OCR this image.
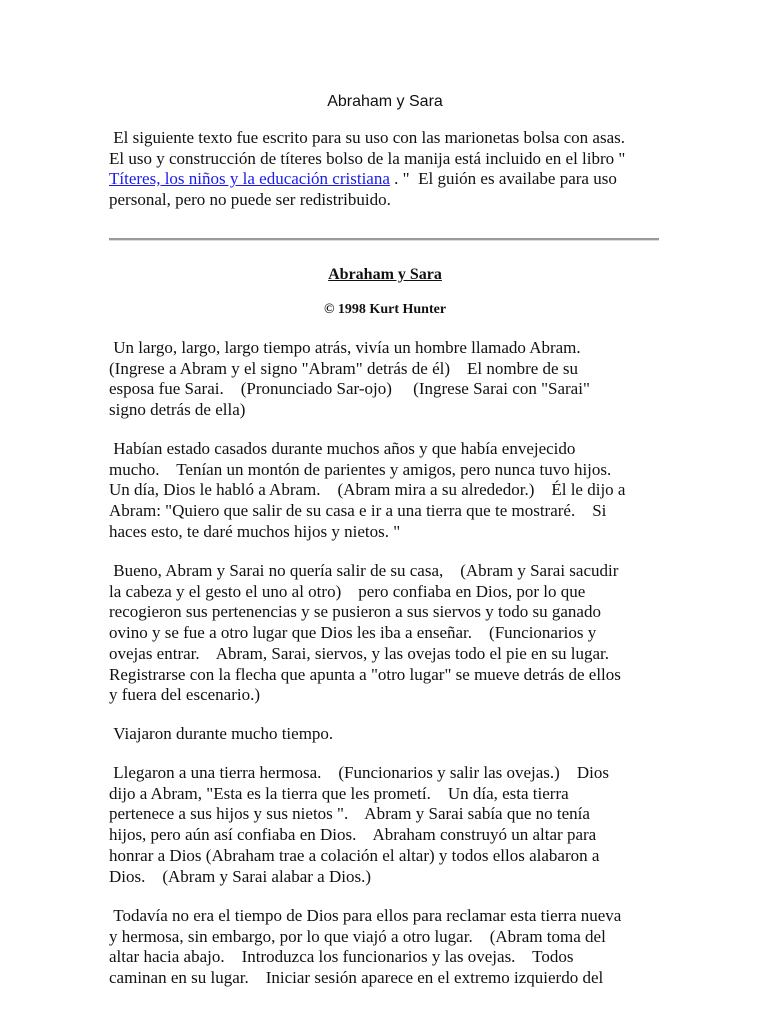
Abraham y Sara
El siguiente texto fue escrito para su uso con las marionetas bolsa con asas.
El uso y construcción de títeres bolso de la manija está incluido en el libro "
Títeres, los niños y la educación cristiana . "  El guión es availabe para uso
personal, pero no puede ser redistribuido.
Abraham y Sara
© 1998 Kurt Hunter

Un largo, largo, largo tiempo atrás, vivía un hombre llamado Abram.
(Ingrese a Abram y el signo "Abram" detrás de él)    El nombre de su
esposa fue Sarai.    (Pronunciado Sar-ojo)     (Ingrese Sarai con "Sarai"
signo detrás de ella)

Habían estado casados durante muchos años y que había envejecido
mucho.    Tenían un montón de parientes y amigos, pero nunca tuvo hijos.
Un día, Dios le habló a Abram.    (Abram mira a su alrededor.)    Él le dijo a
Abram: "Quiero que salir de su casa e ir a una tierra que te mostraré.    Si
haces esto, te daré muchos hijos y nietos. "

Bueno, Abram y Sarai no quería salir de su casa,    (Abram y Sarai sacudir
la cabeza y el gesto el uno al otro)    pero confiaba en Dios, por lo que
recogieron sus pertenencias y se pusieron a sus siervos y todo su ganado
ovino y se fue a otro lugar que Dios les iba a enseñar.    (Funcionarios y
ovejas entrar.    Abram, Sarai, siervos, y las ovejas todo el pie en su lugar.
Registrarse con la flecha que apunta a "otro lugar" se mueve detrás de ellos
y fuera del escenario.)

Viajaron durante mucho tiempo.

Llegaron a una tierra hermosa.    (Funcionarios y salir las ovejas.)    Dios
dijo a Abram, "Esta es la tierra que les prometí.    Un día, esta tierra
pertenece a sus hijos y sus nietos ".    Abram y Sarai sabía que no tenía
hijos, pero aún así confiaba en Dios.    Abraham construyó un altar para
honrar a Dios (Abraham trae a colación el altar) y todos ellos alabaron a
Dios.    (Abram y Sarai alabar a Dios.)

Todavía no era el tiempo de Dios para ellos para reclamar esta tierra nueva
y hermosa, sin embargo, por lo que viajó a otro lugar.    (Abram toma del
altar hacia abajo.    Introduzca los funcionarios y las ovejas.    Todos
caminan en su lugar.    Iniciar sesión aparece en el extremo izquierdo del
